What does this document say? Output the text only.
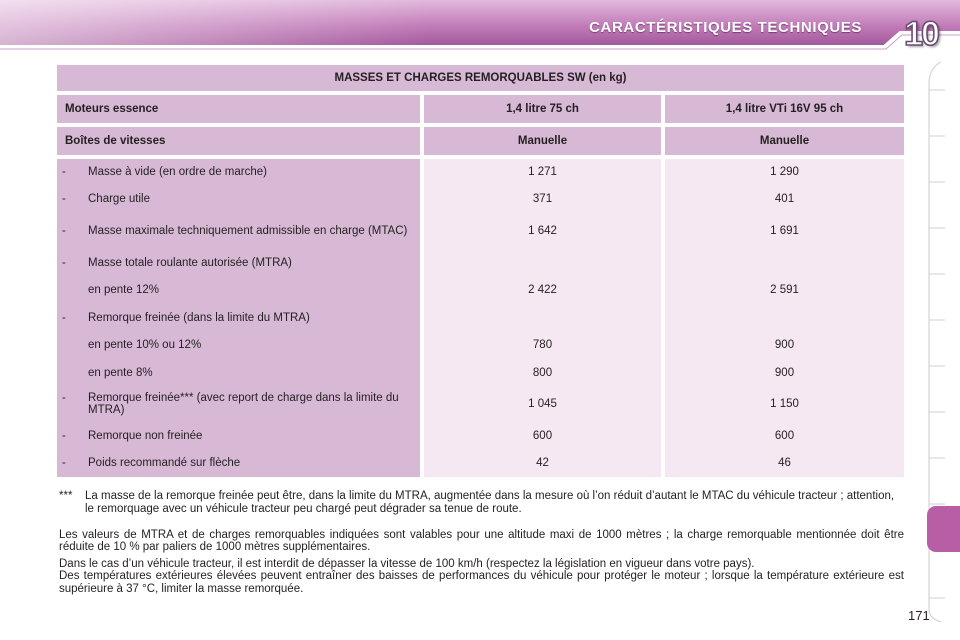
CARACTÉRISTIQUES TECHNIQUES 10
MASSES ET CHARGES REMORQUABLES SW (en kg)		

Moteurs essence	1,4 litre 75 ch	1,4 litre VTi 16V 95 ch

Boîtes de vitesses	Manuelle	Manuelle

- Masse à vide (en ordre de marche)	1 271	1 290

- Charge utile	371	401

- Masse maximale techniquement admissible en charge (MTAC)	1 642	1 691

- Masse totale roulante autorisée (MTRA)		

en pente 12%	2 422	2 591

- Remorque freinée (dans la limite du MTRA)		

en pente 10% ou 12%	780	900

en pente 8%	800	900

- Remorque freinée*** (avec report de charge dans la limite du MTRA)	1 045	1 150

- Remorque non freinée	600	600

- Poids recommandé sur flèche	42	46
***	La masse de la remorque freinée peut être, dans la limite du MTRA, augmentée dans la mesure où l’on réduit d’autant le MTAC du véhicule tracteur ; attention, le remorquage avec un véhicule tracteur peu chargé peut dégrader sa tenue de route.

Les valeurs de MTRA et de charges remorquables indiquées sont valables pour une altitude maxi de 1000 mètres ; la charge remorquable mentionnée doit être réduite de 10 % par paliers de 1000 mètres supplémentaires.

Dans le cas d’un véhicule tracteur, il est interdit de dépasser la vitesse de 100 km/h (respectez la législation en vigueur dans votre pays).

Des températures extérieures élevées peuvent entraîner des baisses de performances du véhicule pour protéger le moteur ; lorsque la température extérieure est supérieure à 37 °C, limiter la masse remorquée.

171
